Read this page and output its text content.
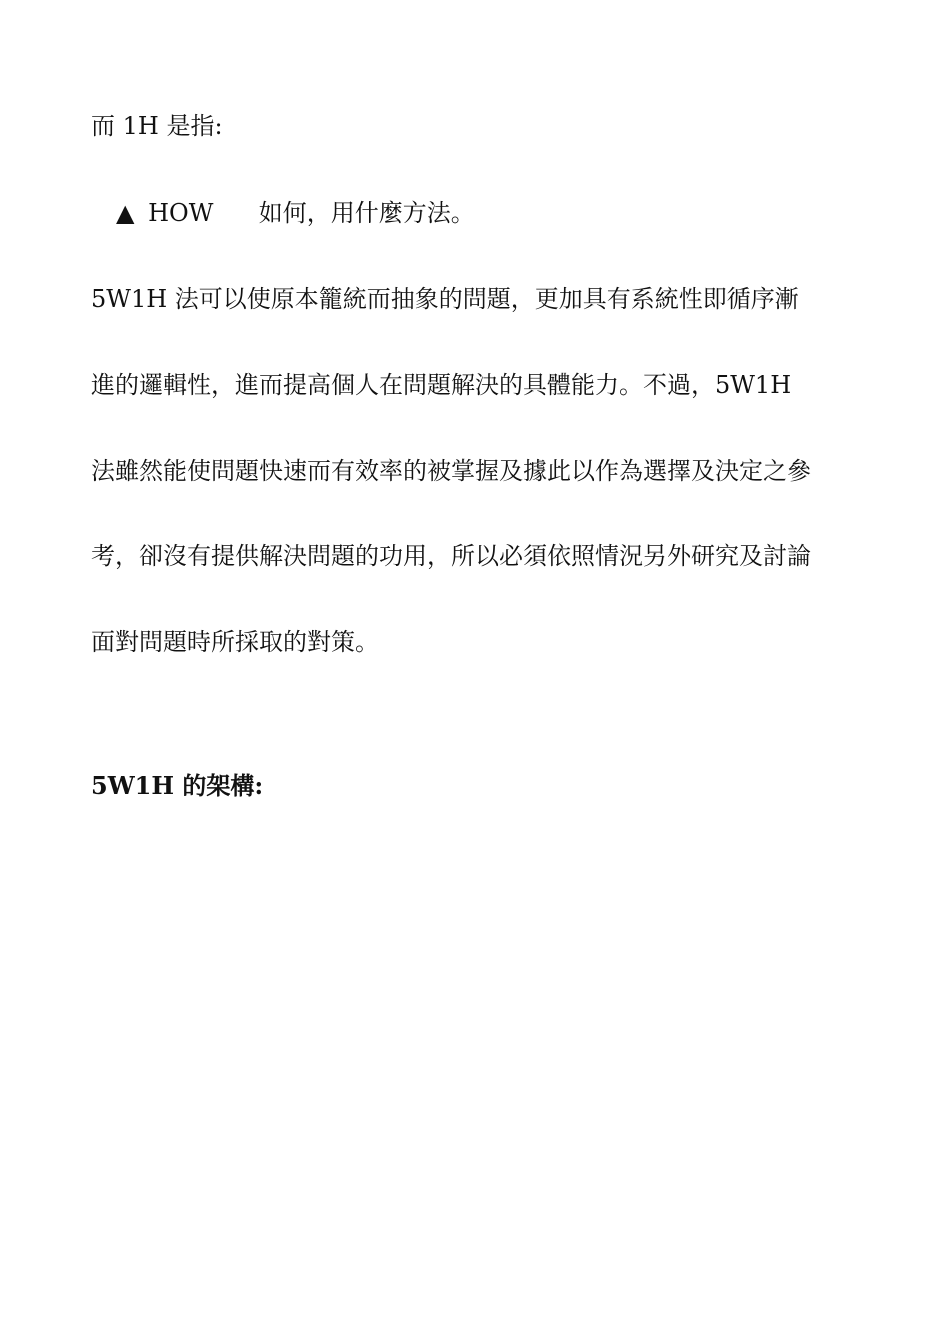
而 1H 是指:
▲ HOW 如何，用什麼方法。
5W1H 法可以使原本籠統而抽象的問題，更加具有系統性即循序漸
進的邏輯性，進而提高個人在問題解決的具體能力。不過，5W1H
法雖然能使問題快速而有效率的被掌握及據此以作為選擇及決定之參
考，卻沒有提供解決問題的功用，所以必須依照情況另外研究及討論
面對問題時所採取的對策。
5W1H 的架構:
